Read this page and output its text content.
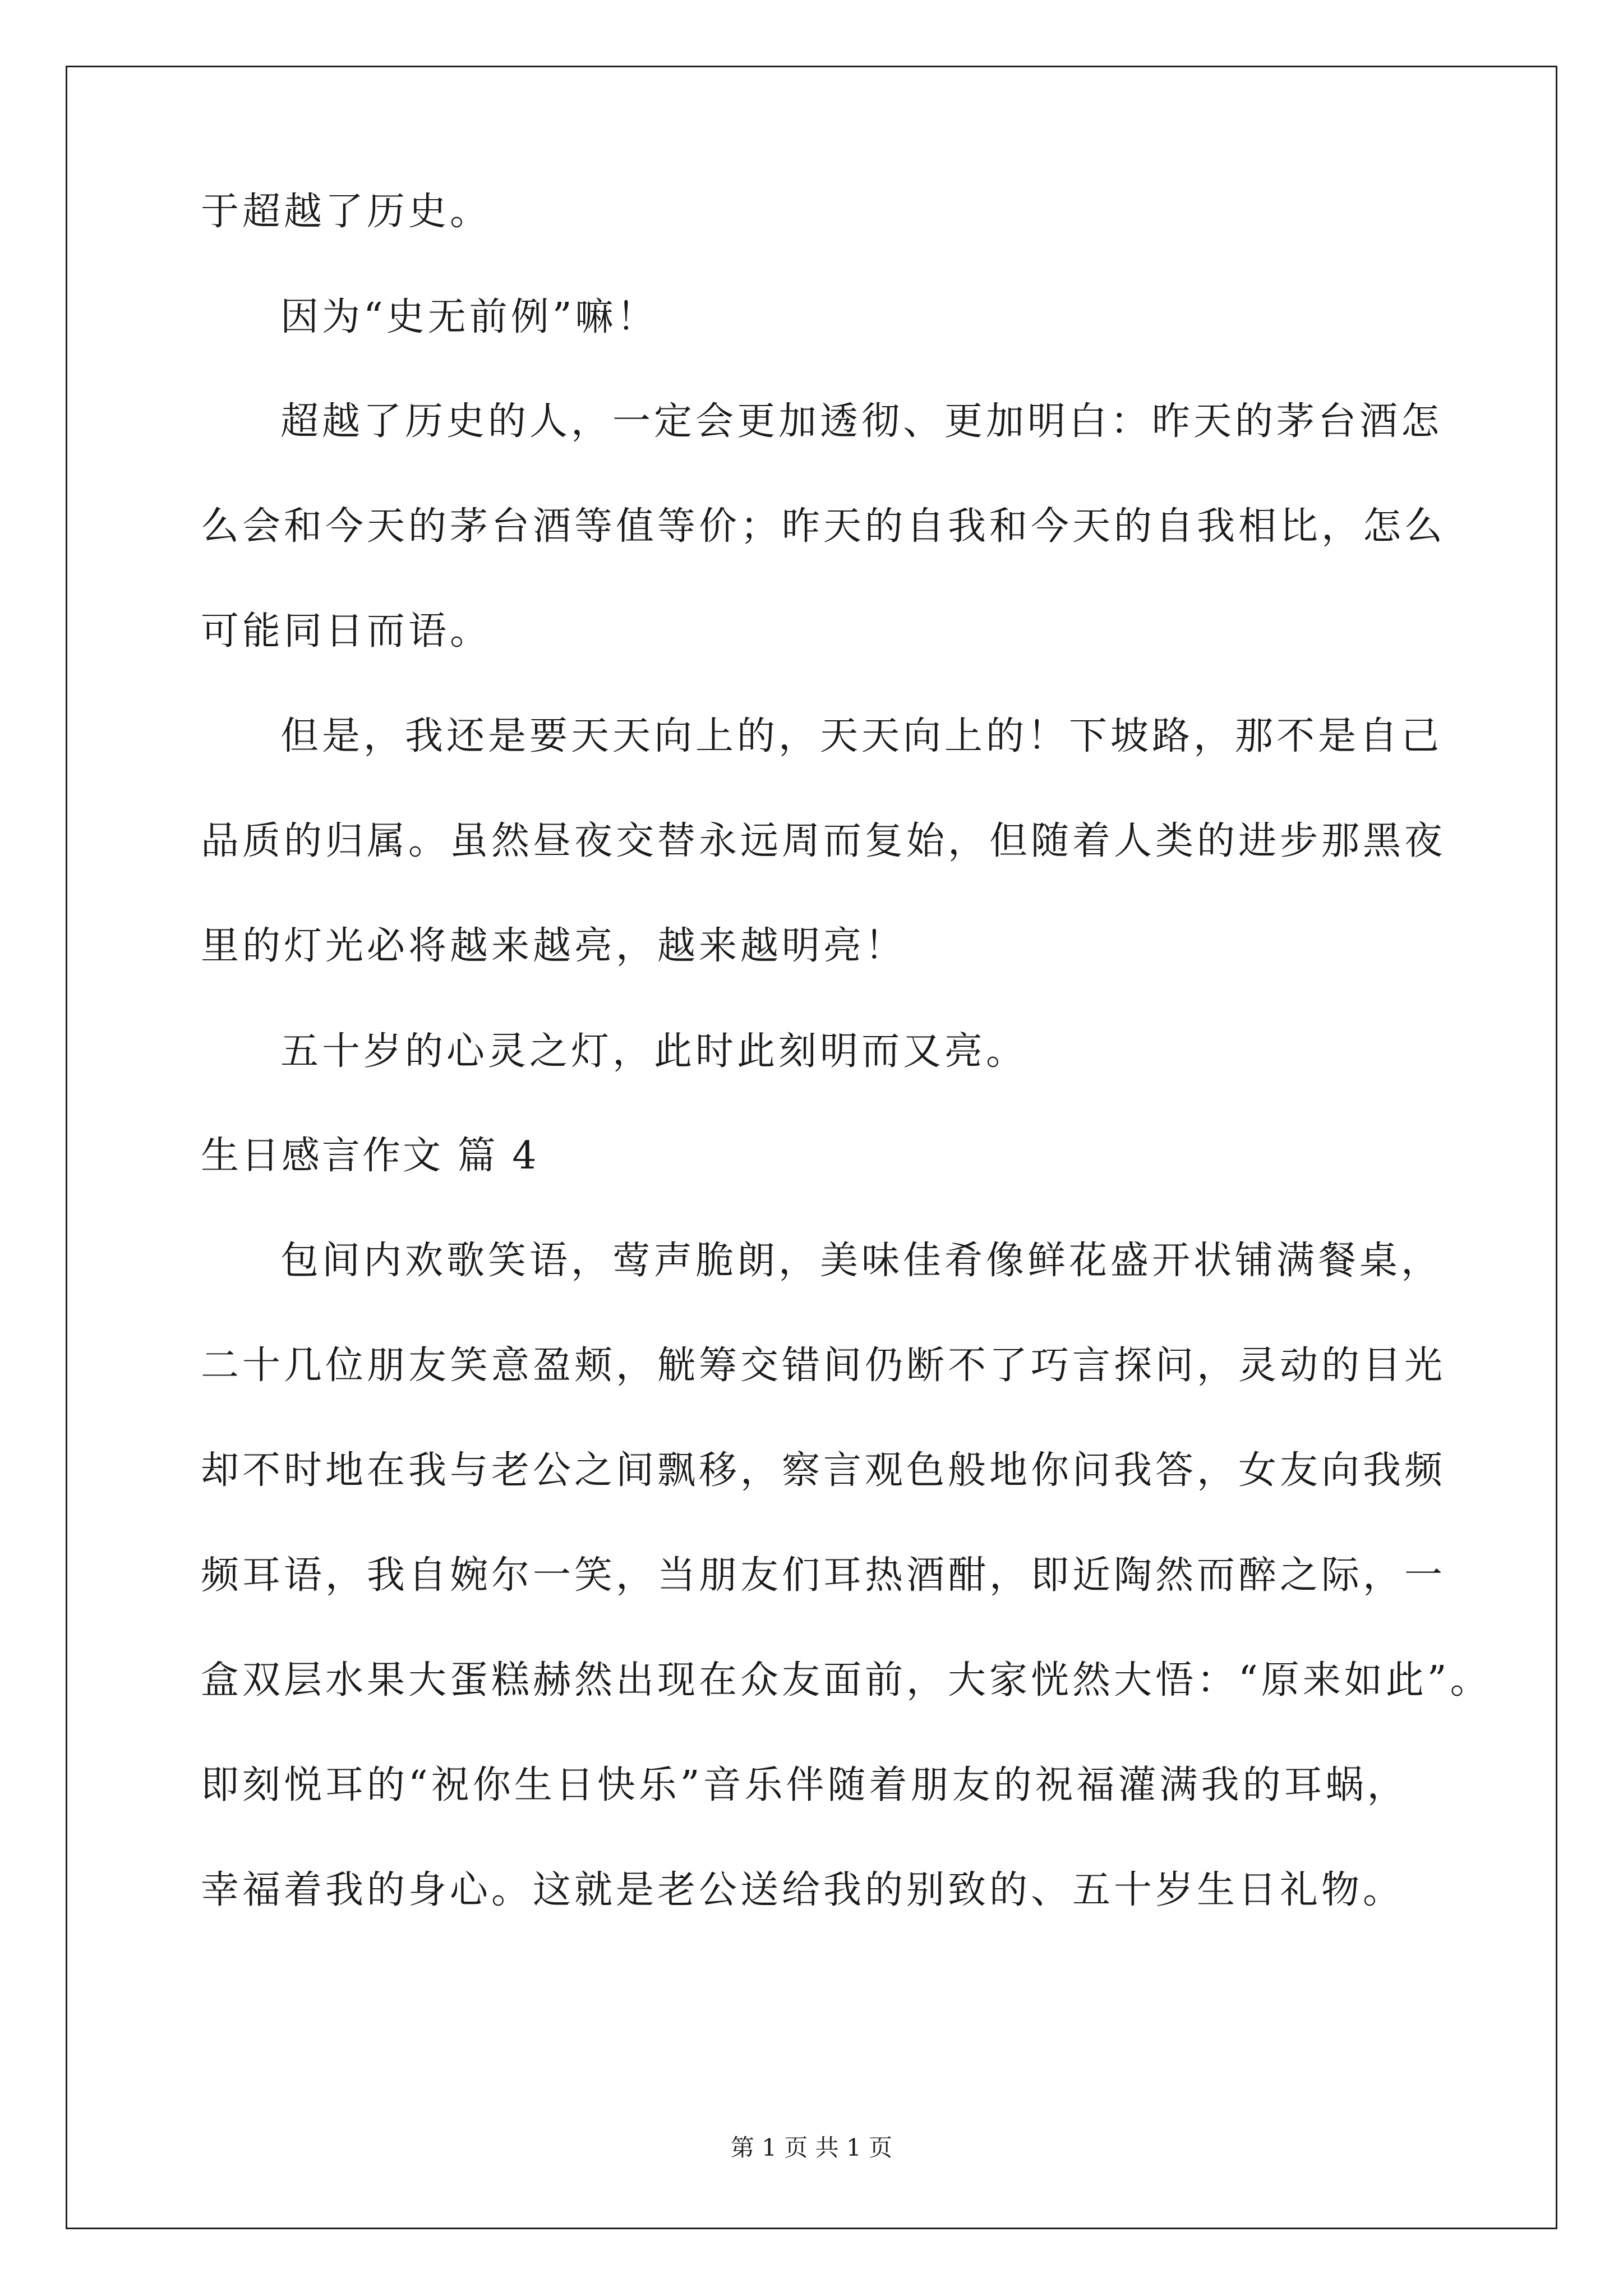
于超越了历史。
因为“史无前例”嘛！
超越了历史的人，一定会更加透彻、更加明白：昨天的茅台酒怎
么会和今天的茅台酒等值等价；昨天的自我和今天的自我相比，怎么
可能同日而语。
但是，我还是要天天向上的，天天向上的！下坡路，那不是自己
品质的归属。虽然昼夜交替永远周而复始，但随着人类的进步那黑夜
里的灯光必将越来越亮，越来越明亮！
五十岁的心灵之灯，此时此刻明而又亮。
生日感言作文 篇 4
包间内欢歌笑语，莺声脆朗，美味佳肴像鲜花盛开状铺满餐桌，
二十几位朋友笑意盈颊，觥筹交错间仍断不了巧言探问，灵动的目光
却不时地在我与老公之间飘移，察言观色般地你问我答，女友向我频
频耳语，我自婉尔一笑，当朋友们耳热酒酣，即近陶然而醉之际，一
盒双层水果大蛋糕赫然出现在众友面前，大家恍然大悟：“原来如此”。
即刻悦耳的“祝你生日快乐”音乐伴随着朋友的祝福灌满我的耳蜗，
幸福着我的身心。这就是老公送给我的别致的、五十岁生日礼物。
第 1 页 共 1 页
